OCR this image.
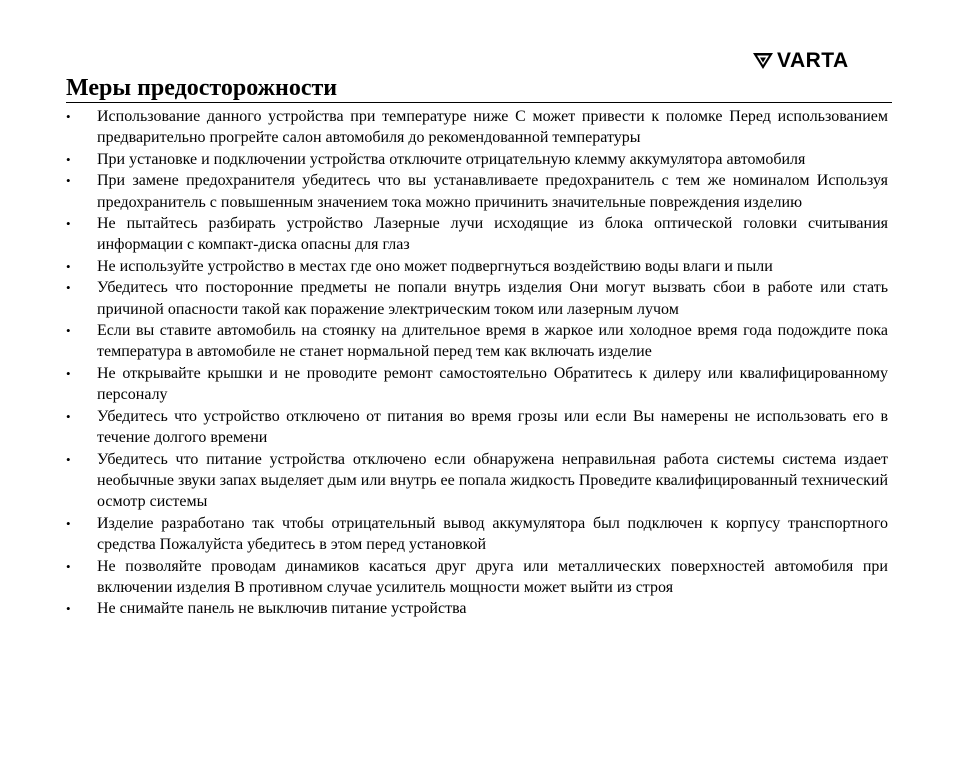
VARTA
Меры предосторожности
•	Использование данного устройства при температуре ниже С может привести к поломке Перед использованием предварительно прогрейте салон автомобиля до рекомендованной температуры
•	При установке и подключении устройства отключите отрицательную клемму аккумулятора автомобиля
•	При замене предохранителя убедитесь что вы устанавливаете предохранитель с тем же номиналом Используя предохранитель с повышенным значением тока можно причинить значительные повреждения изделию
•	Не пытайтесь разбирать устройство Лазерные лучи исходящие из блока оптической головки считывания информации с компакт-диска опасны для глаз
•	Не используйте устройство в местах где оно может подвергнуться воздействию воды влаги и пыли
•	Убедитесь что посторонние предметы не попали внутрь изделия Они могут вызвать сбои в работе или стать причиной опасности такой как поражение электрическим током или лазерным лучом
•	Если вы ставите автомобиль на стоянку на длительное время в жаркое или холодное время года подождите пока температура в автомобиле не станет нормальной перед тем как включать изделие
•	Не открывайте крышки и не проводите ремонт самостоятельно Обратитесь к дилеру или квалифицированному персоналу
•	Убедитесь что устройство отключено от питания во время грозы или если Вы намерены не использовать его в течение долгого времени
•	Убедитесь что питание устройства отключено если обнаружена неправильная работа системы система издает необычные звуки запах выделяет дым или внутрь ее попала жидкость Проведите квалифицированный технический осмотр системы
•	Изделие разработано так чтобы отрицательный вывод аккумулятора был подключен к корпусу транспортного средства Пожалуйста убедитесь в этом перед установкой
•	Не позволяйте проводам динамиков касаться друг друга или металлических поверхностей автомобиля при включении изделия В противном случае усилитель мощности может выйти из строя
•	Не снимайте панель не выключив питание устройства
